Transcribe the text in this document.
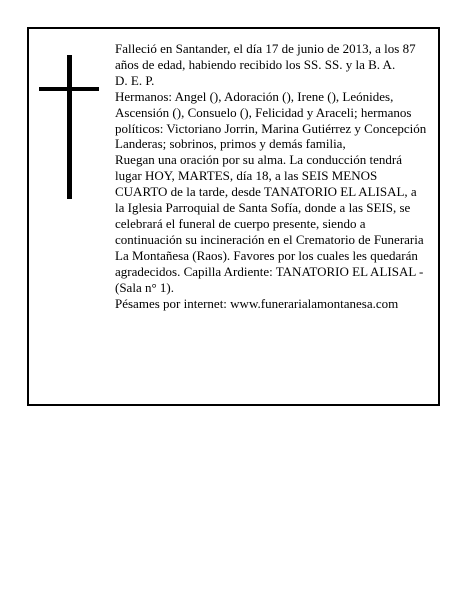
Falleció en Santander, el día 17 de junio de 2013, a los 87 años de edad, habiendo recibido los SS. SS. y la B. A.

D. E. P.

Hermanos: Angel (), Adoración (), Irene (), Leónides, Ascensión (), Consuelo (), Felicidad y Araceli; hermanos políticos: Victoriano Jorrin, Marina Gutiérrez y Concepción Landeras; sobrinos, primos y demás familia,

Ruegan una oración por su alma. La conducción tendrá lugar HOY, MARTES, día 18, a las SEIS MENOS CUARTO de la tarde, desde TANATORIO EL ALISAL, a la Iglesia Parroquial de Santa Sofía, donde a las SEIS, se celebrará el funeral de cuerpo presente, siendo a continuación su incineración en el Crematorio de Funeraria La Montañesa (Raos). Favores por los cuales les quedarán agradecidos. Capilla Ardiente: TANATORIO EL ALISAL - (Sala n° 1).

Pésames por internet: www.funerarialamontanesa.com
